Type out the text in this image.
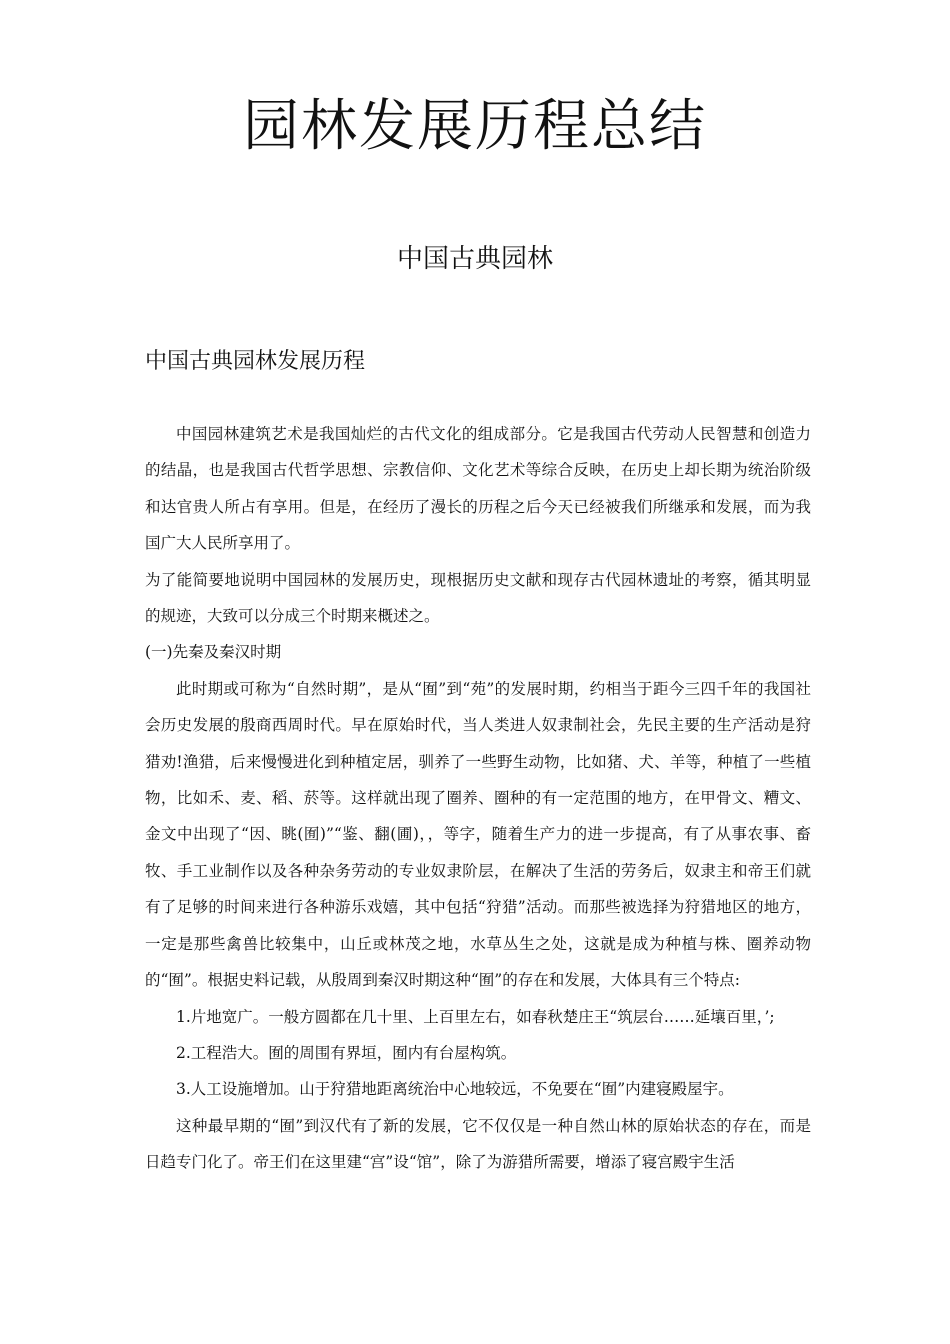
园林发展历程总结
中国古典园林
中国古典园林发展历程

中国园林建筑艺术是我国灿烂的古代文化的组成部分。它是我国古代劳动人民智慧和创造力的结晶，也是我国古代哲学思想、宗教信仰、文化艺术等综合反映，在历史上却长期为统治阶级和达官贵人所占有享用。但是，在经历了漫长的历程之后今天已经被我们所继承和发展，而为我国广大人民所享用了。

为了能简要地说明中国园林的发展历史，现根据历史文献和现存古代园林遗址的考察，循其明显的规迹，大致可以分成三个时期来概述之。

(一)先秦及秦汉时期

此时期或可称为“自然时期”，是从“囿”到“苑”的发展时期，约相当于距今三四千年的我国社会历史发展的殷商西周时代。早在原始时代，当人类进人奴隶制社会，先民主要的生产活动是狩猎劝!渔猎，后来慢慢进化到种植定居，驯养了一些野生动物，比如猪、犬、羊等，种植了一些植物，比如禾、麦、稻、菸等。这样就出现了圈养、圈种的有一定范围的地方，在甲骨文、糟文、金文中出现了“因、眺(囿)”“鉴、翻(圃)，，等字，随着生产力的进一步提高，有了从事农事、畜牧、手工业制作以及各种杂务劳动的专业奴隶阶层，在解决了生活的劳务后，奴隶主和帝王们就有了足够的时间来进行各种游乐戏嬉，其中包括“狩猎”活动。而那些被选择为狩猎地区的地方，一定是那些禽兽比较集中，山丘或林茂之地，水草丛生之处，这就是成为种植与株、圈养动物的“囿”。根据史料记载，从殷周到秦汉时期这种“囿”的存在和发展，大体具有三个特点:

1.片地宽广。一般方圆都在几十里、上百里左右，如春秋楚庄王“筑层台……延壤百里，’;

2.工程浩大。囿的周围有界垣，囿内有台屋构筑。

3.人工设施增加。山于狩猎地距离统治中心地较远，不免要在“囿”内建寝殿屋宇。

这种最早期的“囿”到汉代有了新的发展，它不仅仅是一种自然山林的原始状态的存在，而是日趋专门化了。帝王们在这里建“宫”设“馆”，除了为游猎所需要，增添了寝宫殿宇生活
